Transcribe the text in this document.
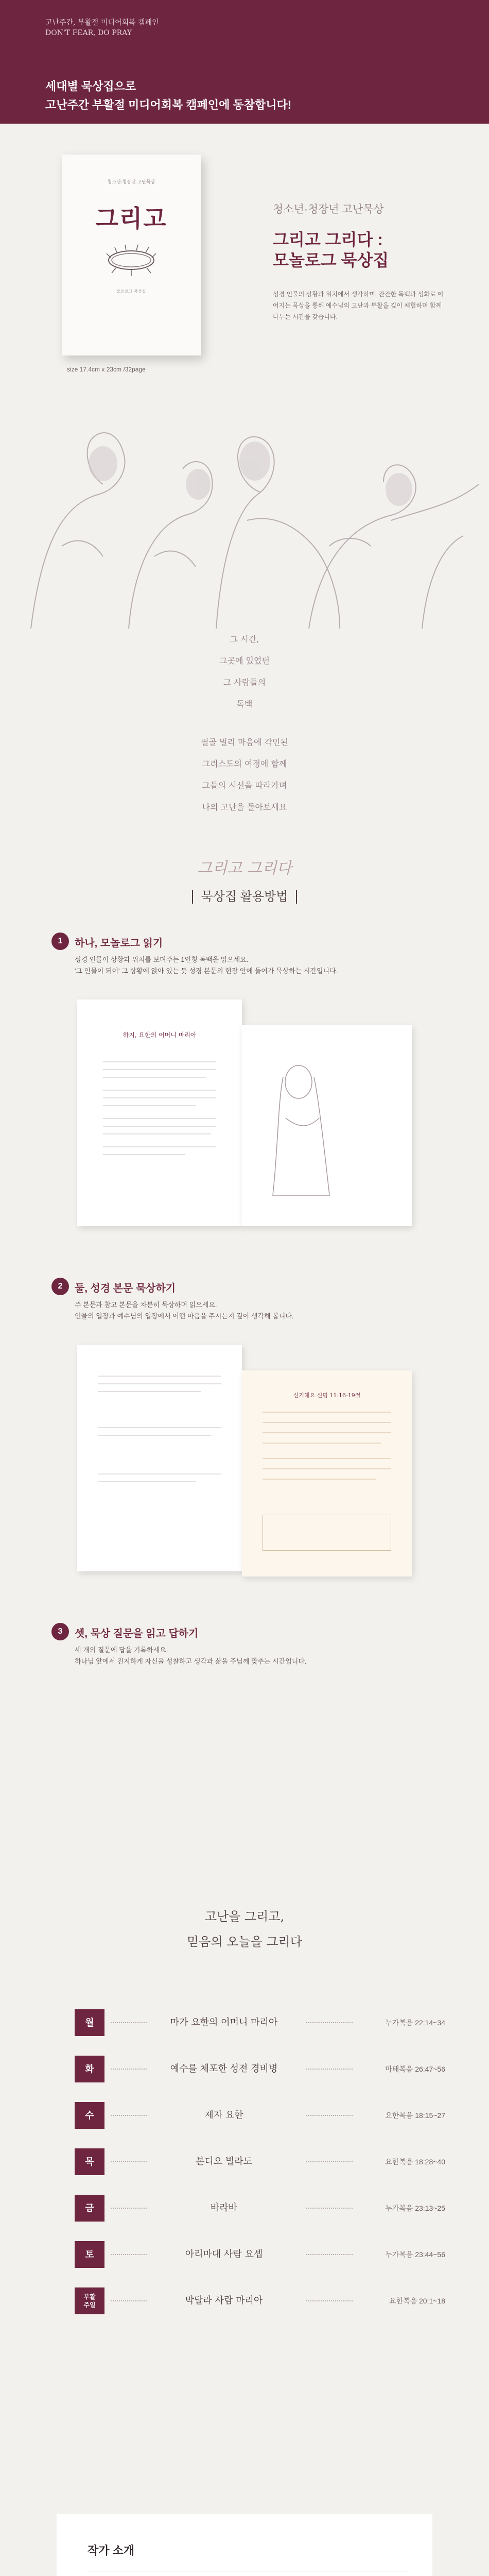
고난주간, 부활절 미디어회복 캠페인
DON'T FEAR, DO PRAY
세대별 묵상집으로
고난주간 부활절 미디어회복 캠페인에 동참합니다!
청소년·청장년 고난묵상
그리고
모놀로그 묵상집
size 17.4cm x 23cm /32page
청소년·청장년 고난묵상
그리고 그리다 :
모놀로그 묵상집
성경 인물의 상황과 위치에서 생각하며, 잔잔한 독백과 성화로 이어지는 묵상을 통해 예수님의 고난과 부활을 깊이 체험하며 함께 나누는 시간을 갖습니다.

그 시간,

그곳에 있었던

그 사람들의

독백

필골 멀리 마음에 각인된

그리스도의 여정에 함께

그들의 시선을 따라가며

나의 고난을 돌아보세요

그리고 그리다
묵상집 활용방법
1	하나, 모놀로그 읽기
성경 인물이 상황과 위치를 보며주는 1인칭 독백을 읽으세요.
'그 인물이 되어' 그 상황에 앉아 있는 듯 성경 본문의 현장 안에 들어가 묵상하는 시간입니다.
하지, 요한의 어머니 마리아
2	둘, 성경 본문 묵상하기
주 본문과 참고 본문을 차분히 묵상하며 읽으세요.
인물의 입장과 예수님의 입장에서 어떤 마음을 주시는지 깊이 생각해 봅니다.
신기해요 신명 11:16-19절
3	셋, 묵상 질문을 읽고 답하기
세 개의 질문에 답을 기록하세요.
하나님 앞에서 진지하게 자신을 성찰하고 생각과 삶을 주님께 맞추는 시간입니다.
고난을 그리고,
믿음의 오늘을 그리다
월	마가 요한의 어머니 마리아	누가복음 22:14~34
화	예수를 체포한 성전 경비병	마태복음 26:47~56
수	제자 요한	요한복음 18:15~27
목	본디오 빌라도	요한복음 18:28~40
금	바라바	누가복음 23:13~25
토	아리마대 사람 요셉	누가복음 23:44~56
부활
주일	막달라 사람 마리아	요한복음 20:1~18
작가 소개
